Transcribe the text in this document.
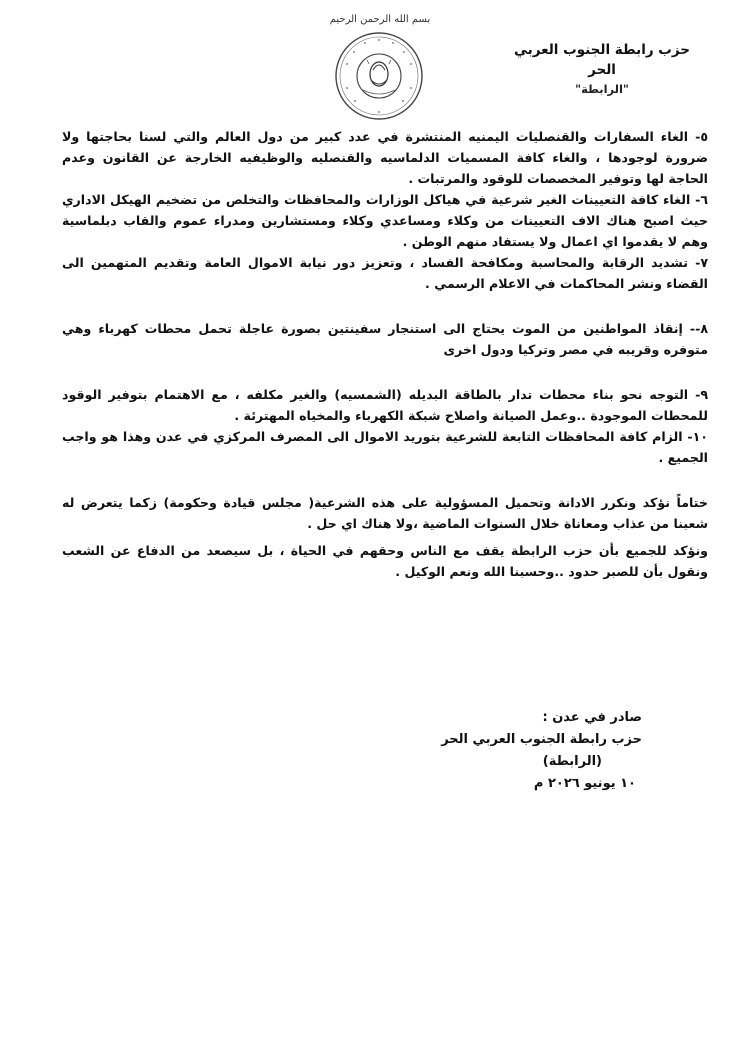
بسم الله الرحمن الرحيم
حزب رابطة الجنوب العربي الحر
"الرابطة"

٥- الغاء السفارات والقنصليات اليمنيه المنتشرة في عدد كبير من دول العالم والتي لسنا بحاجتها ولا ضرورة لوجودها ، والغاء كافة المسميات الدلماسيه والقنصليه والوظيفيه الخارجة عن القانون وعدم الحاجة لها وتوفير المخصصات للوقود والمرتبات .

٦- الغاء كافة التعيينات الغير شرعية في هياكل الوزارات والمحافظات والتخلص من تضخيم الهيكل الاداري حيث اصبح هناك الاف التعيينات من وكلاء ومساعدي وكلاء ومستشارين ومدراء عموم والقاب دبلماسية وهم لا يقدموا اي اعمال ولا يستفاد منهم الوطن .

٧- تشديد الرقابة والمحاسبة ومكافحة الفساد ، وتعزيز دور نيابة الاموال العامة وتقديم المتهمين الى القضاء ونشر المحاكمات في الاعلام الرسمي .

٨-- إنقاذ المواطنين من الموت يحتاج الى استنجار سفينتين بصورة عاجلة تحمل محطات كهرباء وهي متوفره وقريبه في مصر وتركيا ودول اخرى

٩- التوجه نحو بناء محطات تدار بالطاقة البديله (الشمسيه) والغير مكلفه ، مع الاهتمام بتوفير الوقود للمحطات الموجودة ..وعمل الصيانة واصلاح شبكة الكهرباء والمخياه المهترئة .

١٠- الزام كافة المحافظات التابعة للشرعية بتوريد الاموال الى المصرف المركزي في عدن وهذا هو واجب الجميع .

ختاماً نؤكد ونكرر الادانة وتحميل المسؤولية على هذه الشرعية( مجلس قيادة وحكومة) زكما يتعرض له شعبنا من عذاب ومعاناة خلال السنوات الماضية ،ولا هناك اي حل .

ونؤكد للجميع بأن حزب الرابطة يقف مع الناس وحقهم في الحياة ، بل سيصعد من الدفاع عن الشعب ونقول بأن للصبر حدود ..وحسبنا الله ونعم الوكيل .

صادر في عدن :
حزب رابطة الجنوب العربي الحر
(الرابطة)
١٠ يونيو ٢٠٢٦ م
